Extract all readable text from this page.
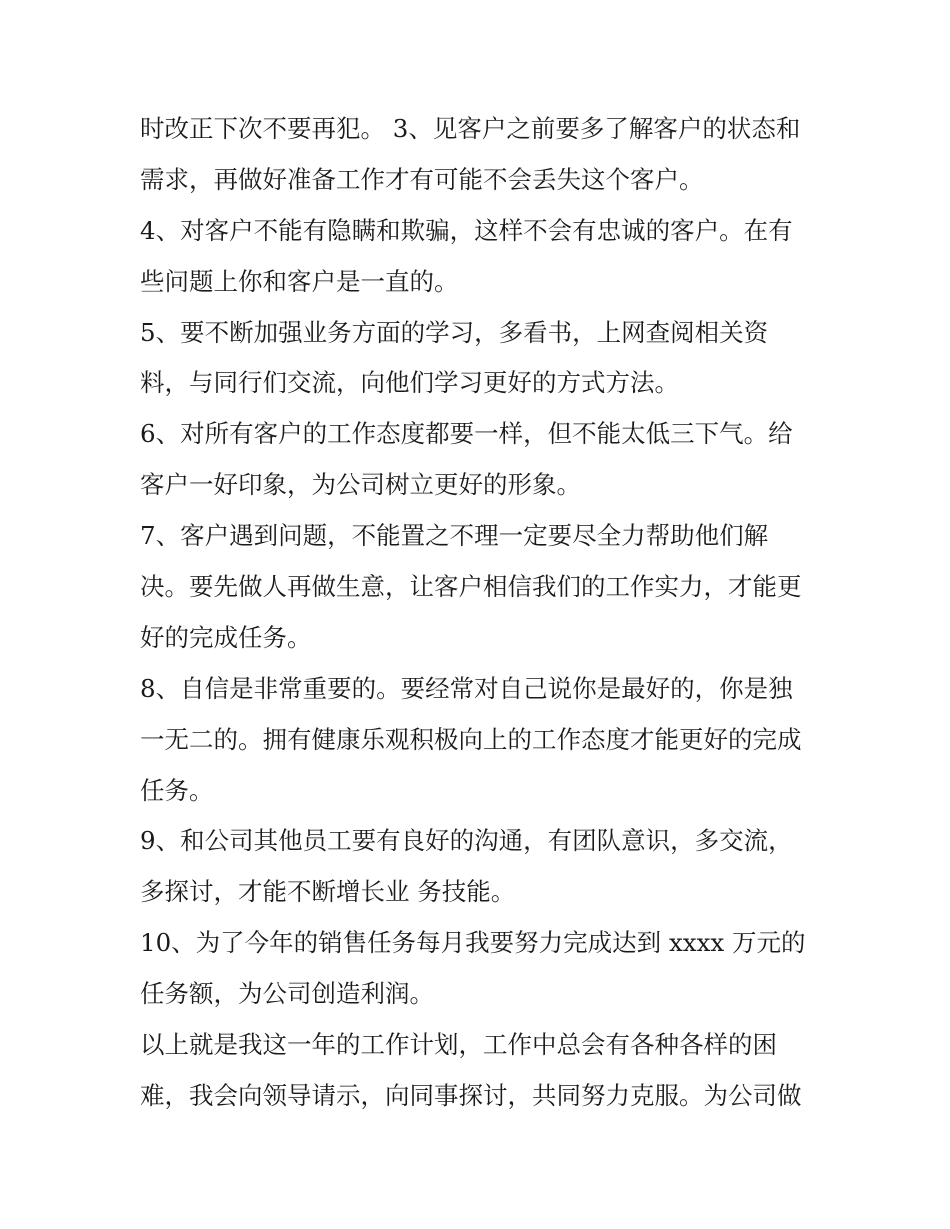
时改正下次不要再犯。 3、见客户之前要多了解客户的状态和
需求，再做好准备工作才有可能不会丢失这个客户。
4、对客户不能有隐瞒和欺骗，这样不会有忠诚的客户。在有
些问题上你和客户是一直的。
5、要不断加强业务方面的学习，多看书，上网查阅相关资
料，与同行们交流，向他们学习更好的方式方法。
6、对所有客户的工作态度都要一样，但不能太低三下气。给
客户一好印象，为公司树立更好的形象。
7、客户遇到问题，不能置之不理一定要尽全力帮助他们解
决。要先做人再做生意，让客户相信我们的工作实力，才能更
好的完成任务。
8、自信是非常重要的。要经常对自己说你是最好的，你是独
一无二的。拥有健康乐观积极向上的工作态度才能更好的完成
任务。
9、和公司其他员工要有良好的沟通，有团队意识，多交流，
多探讨，才能不断增长业 务技能。
10、为了今年的销售任务每月我要努力完成达到 xxxx 万元的
任务额，为公司创造利润。
以上就是我这一年的工作计划，工作中总会有各种各样的困
难，我会向领导请示，向同事探讨，共同努力克服。为公司做
